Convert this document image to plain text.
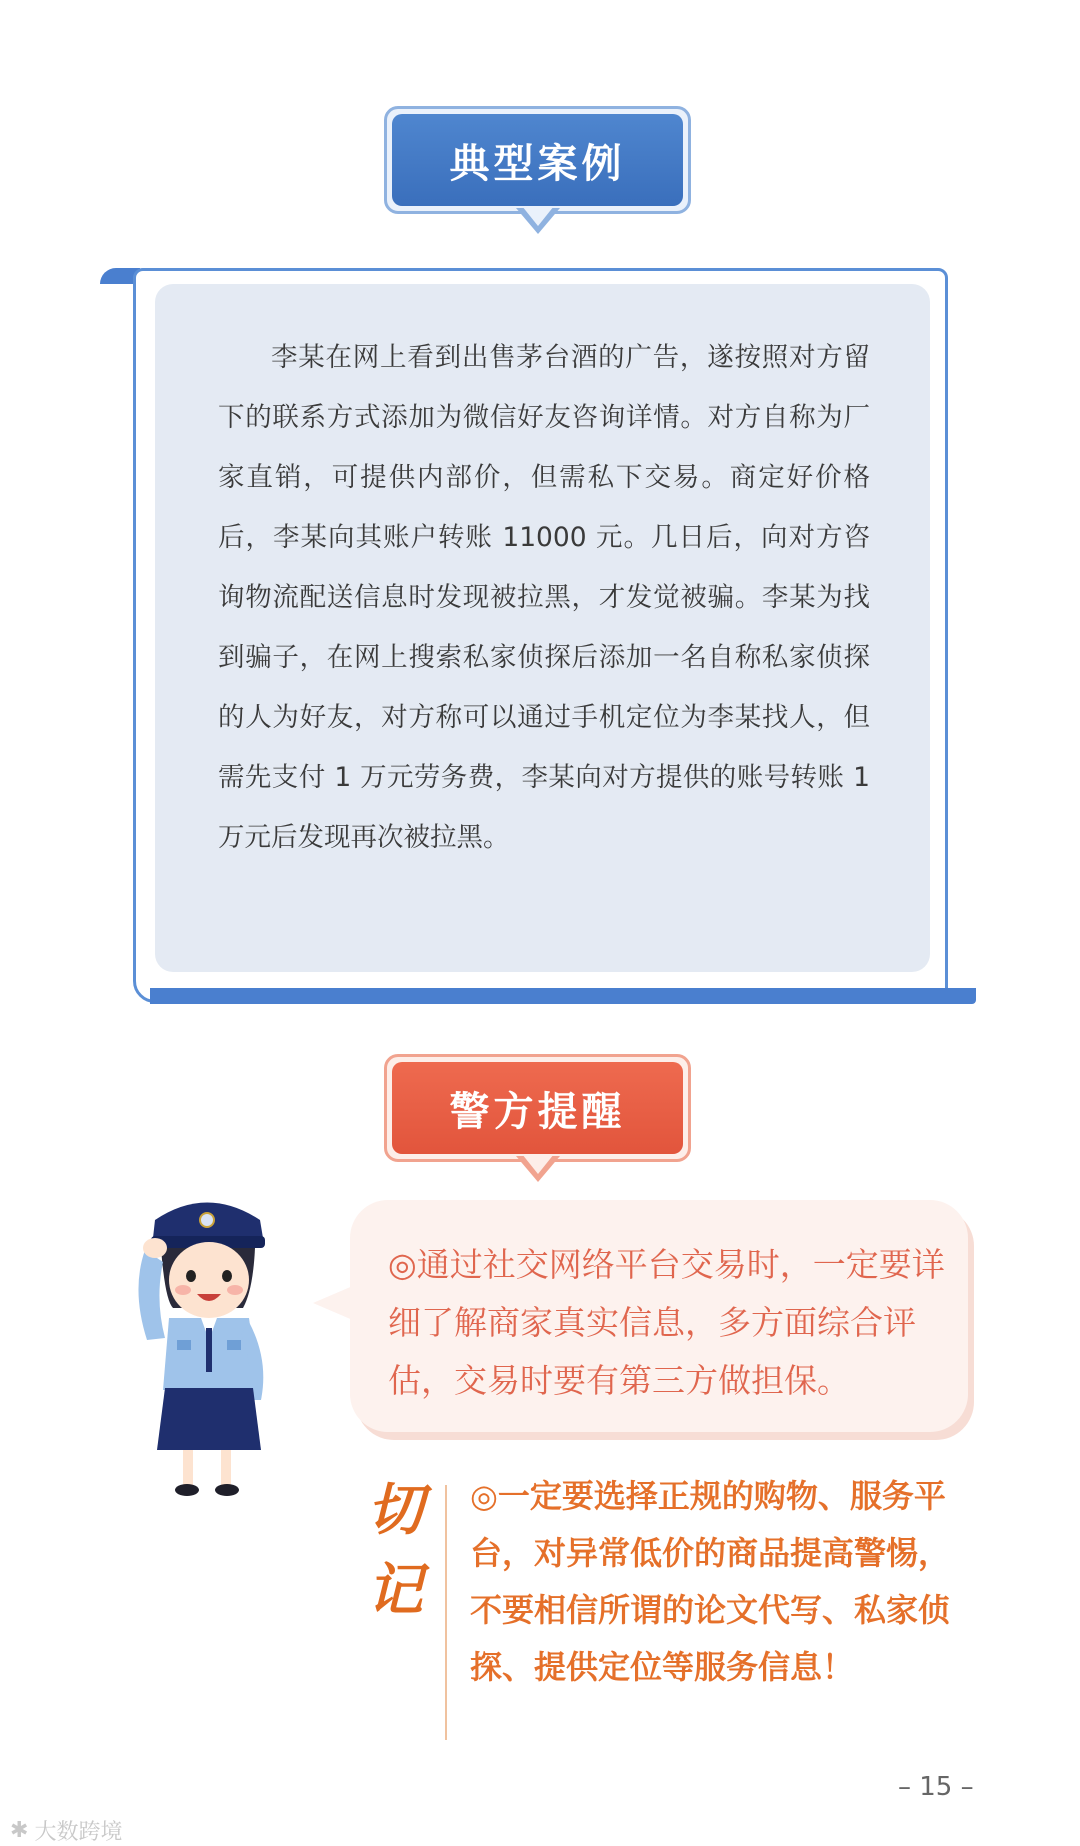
典型案例

李某在网上看到出售茅台酒的广告，遂按照对方留下的联系方式添加为微信好友咨询详情。对方自称为厂家直销，可提供内部价，但需私下交易。商定好价格后，李某向其账户转账 11000 元。几日后，向对方咨询物流配送信息时发现被拉黑，才发觉被骗。李某为找到骗子，在网上搜索私家侦探后添加一名自称私家侦探的人为好友，对方称可以通过手机定位为李某找人，但需先支付 1 万元劳务费，李某向对方提供的账号转账 1 万元后发现再次被拉黑。

警方提醒

◎通过社交网络平台交易时，一定要详细了解商家真实信息，多方面综合评估，交易时要有第三方做担保。

切记

◎一定要选择正规的购物、服务平台，对异常低价的商品提高警惕，不要相信所谓的论文代写、私家侦探、提供定位等服务信息！

– 15 –
✱ 大数跨境
